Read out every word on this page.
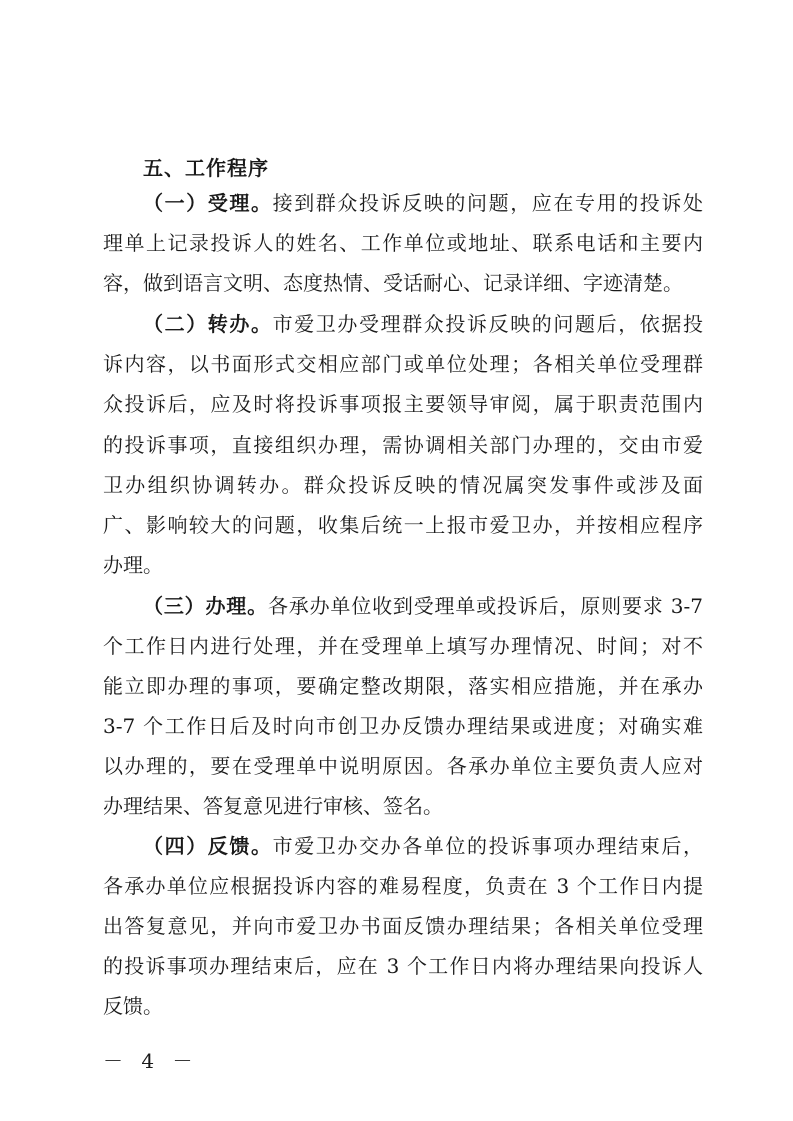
五、工作程序
（一）受理。接到群众投诉反映的问题，应在专用的投诉处
理单上记录投诉人的姓名、工作单位或地址、联系电话和主要内
容，做到语言文明、态度热情、受话耐心、记录详细、字迹清楚。
（二）转办。市爱卫办受理群众投诉反映的问题后，依据投
诉内容，以书面形式交相应部门或单位处理；各相关单位受理群
众投诉后，应及时将投诉事项报主要领导审阅，属于职责范围内
的投诉事项，直接组织办理，需协调相关部门办理的，交由市爱
卫办组织协调转办。群众投诉反映的情况属突发事件或涉及面
广、影响较大的问题，收集后统一上报市爱卫办，并按相应程序
办理。
（三）办理。各承办单位收到受理单或投诉后，原则要求 3-7
个工作日内进行处理，并在受理单上填写办理情况、时间；对不
能立即办理的事项，要确定整改期限，落实相应措施，并在承办
3-7 个工作日后及时向市创卫办反馈办理结果或进度；对确实难
以办理的，要在受理单中说明原因。各承办单位主要负责人应对
办理结果、答复意见进行审核、签名。
（四）反馈。市爱卫办交办各单位的投诉事项办理结束后，
各承办单位应根据投诉内容的难易程度，负责在 3 个工作日内提
出答复意见，并向市爱卫办书面反馈办理结果；各相关单位受理
的投诉事项办理结束后，应在 3 个工作日内将办理结果向投诉人
反馈。
－ 4 －
